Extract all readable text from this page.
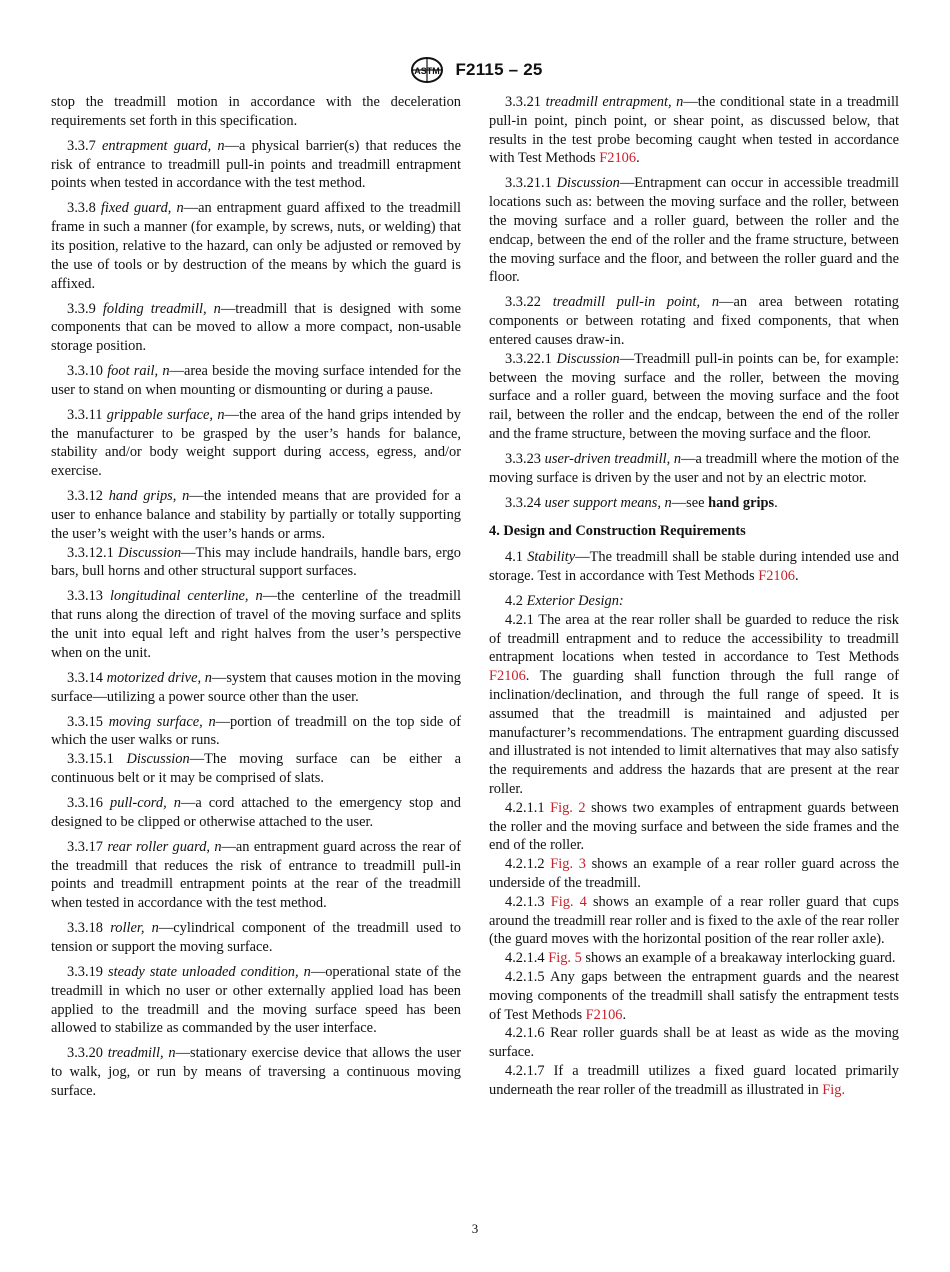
ASTM F2115 – 25

stop the treadmill motion in accordance with the deceleration requirements set forth in this specification.

3.3.7 entrapment guard, n—a physical barrier(s) that reduces the risk of entrance to treadmill pull-in points and treadmill entrapment points when tested in accordance with the test method.

3.3.8 fixed guard, n—an entrapment guard affixed to the treadmill frame in such a manner (for example, by screws, nuts, or welding) that its position, relative to the hazard, can only be adjusted or removed by the use of tools or by destruction of the means by which the guard is affixed.

3.3.9 folding treadmill, n—treadmill that is designed with some components that can be moved to allow a more compact, non-usable storage position.

3.3.10 foot rail, n—area beside the moving surface intended for the user to stand on when mounting or dismounting or during a pause.

3.3.11 grippable surface, n—the area of the hand grips intended by the manufacturer to be grasped by the user’s hands for balance, stability and/or body weight support during access, egress, and/or exercise.

3.3.12 hand grips, n—the intended means that are provided for a user to enhance balance and stability by partially or totally supporting the user’s weight with the user’s hands or arms.

3.3.12.1 Discussion—This may include handrails, handle bars, ergo bars, bull horns and other structural support surfaces.

3.3.13 longitudinal centerline, n—the centerline of the treadmill that runs along the direction of travel of the moving surface and splits the unit into equal left and right halves from the user’s perspective when on the unit.

3.3.14 motorized drive, n—system that causes motion in the moving surface—utilizing a power source other than the user.

3.3.15 moving surface, n—portion of treadmill on the top side of which the user walks or runs.

3.3.15.1 Discussion—The moving surface can be either a continuous belt or it may be comprised of slats.

3.3.16 pull-cord, n—a cord attached to the emergency stop and designed to be clipped or otherwise attached to the user.

3.3.17 rear roller guard, n—an entrapment guard across the rear of the treadmill that reduces the risk of entrance to treadmill pull-in points and treadmill entrapment points at the rear of the treadmill when tested in accordance with the test method.

3.3.18 roller, n—cylindrical component of the treadmill used to tension or support the moving surface.

3.3.19 steady state unloaded condition, n—operational state of the treadmill in which no user or other externally applied load has been applied to the treadmill and the moving surface speed has been allowed to stabilize as commanded by the user interface.

3.3.20 treadmill, n—stationary exercise device that allows the user to walk, jog, or run by means of traversing a continuous moving surface.

3.3.21 treadmill entrapment, n—the conditional state in a treadmill pull-in point, pinch point, or shear point, as discussed below, that results in the test probe becoming caught when tested in accordance with Test Methods F2106.

3.3.21.1 Discussion—Entrapment can occur in accessible treadmill locations such as: between the moving surface and the roller, between the moving surface and a roller guard, between the roller and the endcap, between the end of the roller and the frame structure, between the moving surface and the floor, and between the roller guard and the floor.

3.3.22 treadmill pull-in point, n—an area between rotating components or between rotating and fixed components, that when entered causes draw-in.

3.3.22.1 Discussion—Treadmill pull-in points can be, for example: between the moving surface and the roller, between the moving surface and a roller guard, between the moving surface and the foot rail, between the roller and the endcap, between the end of the roller and the frame structure, between the moving surface and the floor.

3.3.23 user-driven treadmill, n—a treadmill where the motion of the moving surface is driven by the user and not by an electric motor.

3.3.24 user support means, n—see hand grips.

4. Design and Construction Requirements

4.1 Stability—The treadmill shall be stable during intended use and storage. Test in accordance with Test Methods F2106.

4.2 Exterior Design:

4.2.1 The area at the rear roller shall be guarded to reduce the risk of treadmill entrapment and to reduce the accessibility to treadmill entrapment locations when tested in accordance to Test Methods F2106. The guarding shall function through the full range of inclination/declination, and through the full range of speed. It is assumed that the treadmill is maintained and adjusted per manufacturer’s recommendations. The entrapment guarding discussed and illustrated is not intended to limit alternatives that may also satisfy the requirements and address the hazards that are present at the rear roller.

4.2.1.1 Fig. 2 shows two examples of entrapment guards between the roller and the moving surface and between the side frames and the end of the roller.

4.2.1.2 Fig. 3 shows an example of a rear roller guard across the underside of the treadmill.

4.2.1.3 Fig. 4 shows an example of a rear roller guard that cups around the treadmill rear roller and is fixed to the axle of the rear roller (the guard moves with the horizontal position of the rear roller axle).

4.2.1.4 Fig. 5 shows an example of a breakaway interlocking guard.

4.2.1.5 Any gaps between the entrapment guards and the nearest moving components of the treadmill shall satisfy the entrapment tests of Test Methods F2106.

4.2.1.6 Rear roller guards shall be at least as wide as the moving surface.

4.2.1.7 If a treadmill utilizes a fixed guard located primarily underneath the rear roller of the treadmill as illustrated in Fig.

3
